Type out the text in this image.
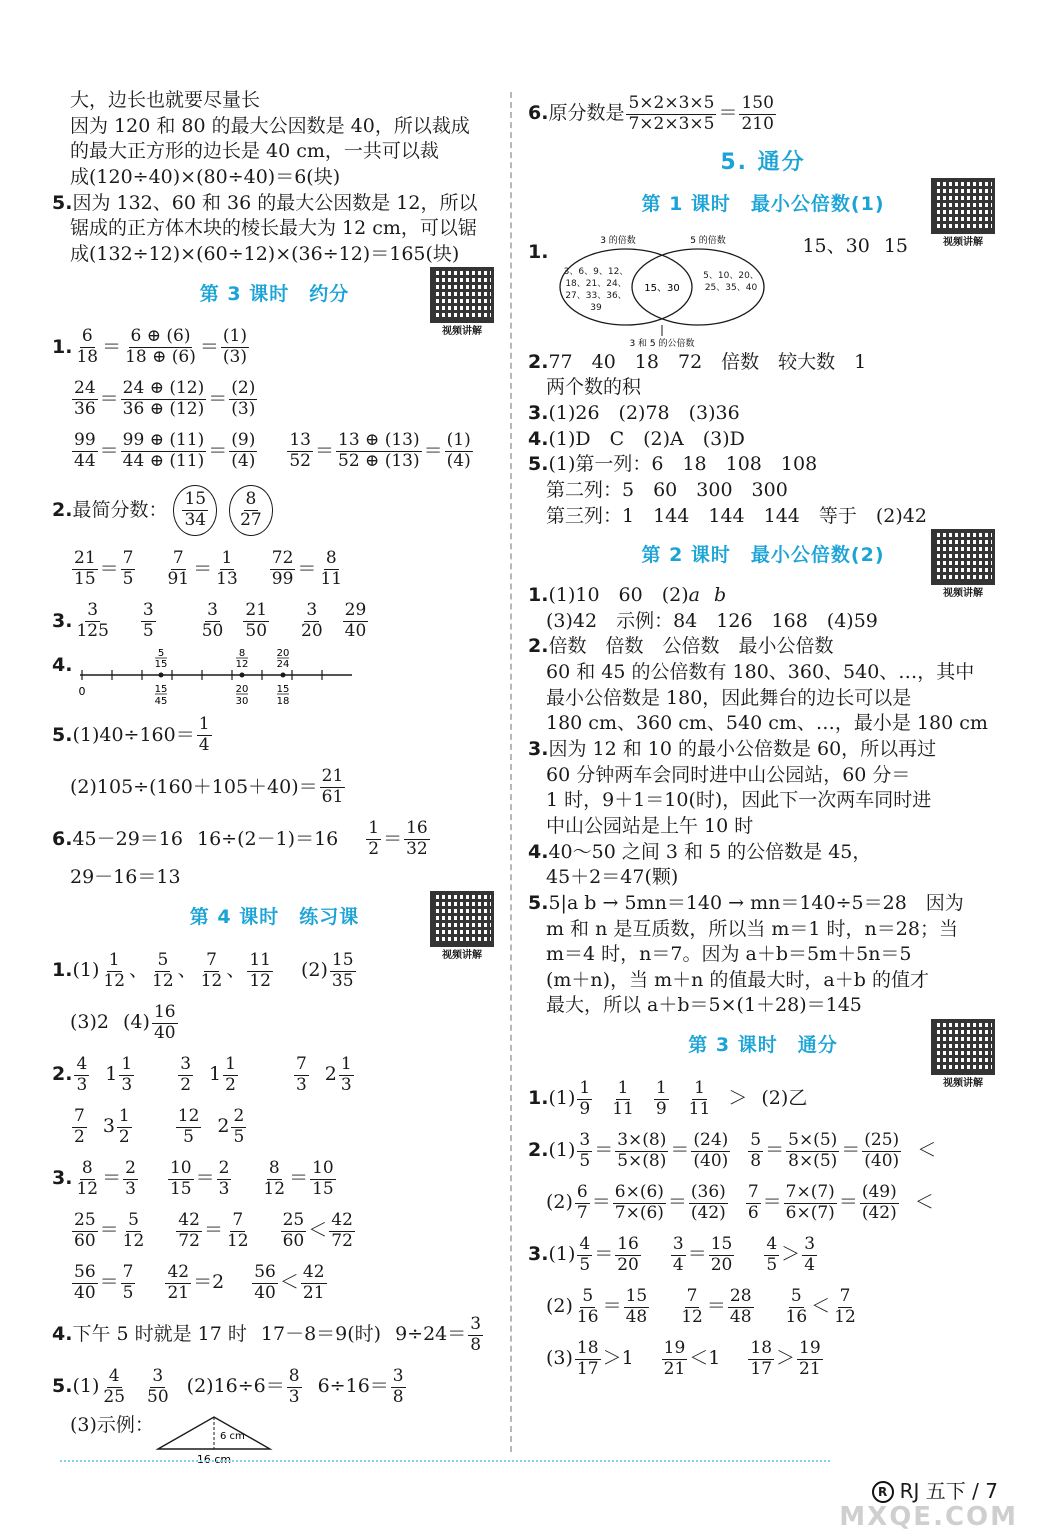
大，边长也就要尽量长
因为 120 和 80 的最大公因数是 40，所以裁成
的最大正方形的边长是 40 cm，一共可以裁
成(120÷40)×(80÷40)＝6(块)
5. 因为 132、60 和 36 的最大公因数是 12，所以
锯成的正方体木块的棱长最大为 12 cm，可以锯
成(132÷12)×(60÷12)×(36÷12)＝165(块)
第 3 课时 约分
视频讲解
1. $\frac{6}{18} = \frac{6 \oplus (6)}{18 \oplus (6)} = \frac{(1)}{(3)}$
$\frac{24}{36} = \frac{24 \oplus (12)}{36 \oplus (12)} = \frac{(2)}{(3)}$
$\frac{99}{44} = \frac{99 \oplus (11)}{44 \oplus (11)} = \frac{(9)}{(4)} \frac{13}{52} = \frac{13 \oplus (13)}{52 \oplus (13)} = \frac{(1)}{(4)}$
2. 最简分数： $\frac{15}{34} \frac{8}{27}$
$\frac{21}{15} = \frac{7}{5} \frac{7}{91} = \frac{1}{13} \frac{72}{99} = \frac{8}{11}$
3. $\frac{3}{125} \frac{3}{5}$	$\frac{3}{50} \frac{21}{50} \frac{3}{20} \frac{29}{40}$
4.
0
5
15
8
12
20
24
15
45
20
30
15
18
5. $(1)40\div 160= \frac{1}{4}$
$(2)105\div(160+105+40)= \frac{21}{61}$
6. 45－29＝16 $16\div(2-1)=16 \frac{1}{2} = \frac{16}{32}$
29－16＝13
第 4 课时 练习课
视频讲解
1. $(1) \frac{1}{12}$ 、 $\frac{5}{12}$ 、 $\frac{7}{12}$ 、 $\frac{11}{12} (2) \frac{15}{35}$
(3)2 $(4) \frac{16}{40}$
2. $\frac{4}{3} 1 \frac{1}{3}$	$\frac{3}{2} 1 \frac{1}{2}$	$\frac{7}{3} 2 \frac{1}{3}$
$\frac{7}{2} 3 \frac{1}{2}$	$\frac{12}{5} 2 \frac{2}{5}$
3. $\frac{8}{12} = \frac{2}{3} \frac{10}{15} = \frac{2}{3} \frac{8}{12} = \frac{10}{15}$
$\frac{25}{60} = \frac{5}{12} \frac{42}{72} = \frac{7}{12} \frac{25}{60} < \frac{42}{72}$
$\frac{56}{40} = \frac{7}{5} \frac{42}{21} =2 \frac{56}{40} < \frac{42}{21}$
4. 下午 5 时就是 17 时 17－8＝9(时) $9\div 24= \frac{3}{8}$
5. $(1) \frac{4}{25} \frac{3}{50} (2)16\div 6= \frac{8}{3} 6\div 16= \frac{3}{8}$
(3)示例：
6 cm
16 cm
6. 原分数是 $\frac{5\times 2\times 3\times 5}{7\times 2\times 3\times 5} = \frac{150}{210}$
5. 通分
第 1 课时 最小公倍数(1)
视频讲解
1.	3 的倍数	5 的倍数
3、6、9、12、18、21、24、27、33、36、39
15、30
5、10、20、25、35、40
3 和 5 的公倍数
15、30 15
2. 77　40　18　72　倍数　较大数　1
两个数的积
3. (1)26　(2)78　(3)36
4. (1)D　C　(2)A　(3)D
5. (1)第一列：6　18　108　108
第二列：5　60　300　300
第三列：1　144　144　144　等于　(2)42
第 2 课时 最小公倍数(2)
视频讲解
1. (1)10　60　(2) a b
(3)42　示例：84　126　168　(4)59
2. 倍数　倍数　公倍数　最小公倍数
60 和 45 的公倍数有 180、360、540、…，其中
最小公倍数是 180，因此舞台的边长可以是
180 cm、360 cm、540 cm、…，最小是 180 cm
3. 因为 12 和 10 的最小公倍数是 60，所以再过
60 分钟两车会同时进中山公园站，60 分＝
1 时，9＋1＝10(时)，因此下一次两车同时进
中山公园站是上午 10 时
4. 40～50 之间 3 和 5 的公倍数是 45，
45＋2＝47(颗)
5. 5|a b → 5mn＝140 → mn＝140÷5＝28　因为
m 和 n 是互质数，所以当 m＝1 时，n＝28；当
m＝4 时，n＝7。因为 a＋b＝5m＋5n＝5
(m＋n)，当 m＋n 的值最大时，a＋b 的值才
最大，所以 a＋b＝5×(1＋28)＝145
第 3 课时 通分
视频讲解
1. $(1) \frac{1}{9} \frac{1}{11} \frac{1}{9} \frac{1}{11} > (2)$乙
2. $(1) \frac{3}{5} = \frac{3\times(8)}{5\times(8)} = \frac{(24)}{(40)} \frac{5}{8} = \frac{5\times(5)}{8\times(5)} = \frac{(25)}{(40)}$ ＜
$(2) \frac{6}{7} = \frac{6\times(6)}{7\times(6)} = \frac{(36)}{(42)} \frac{7}{6} = \frac{7\times(7)}{6\times(7)} = \frac{(49)}{(42)}$ ＜
3. $(1) \frac{4}{5} = \frac{16}{20} \frac{3}{4} = \frac{15}{20} \frac{4}{5} > \frac{3}{4}$
$(2) \frac{5}{16} = \frac{15}{48} \frac{7}{12} = \frac{28}{48} \frac{5}{16} < \frac{7}{12}$
$(3) \frac{18}{17} >1 \frac{19}{21} <1 \frac{18}{17} > \frac{19}{21}$
R RJ 五下 / 7
MXQE.COM
